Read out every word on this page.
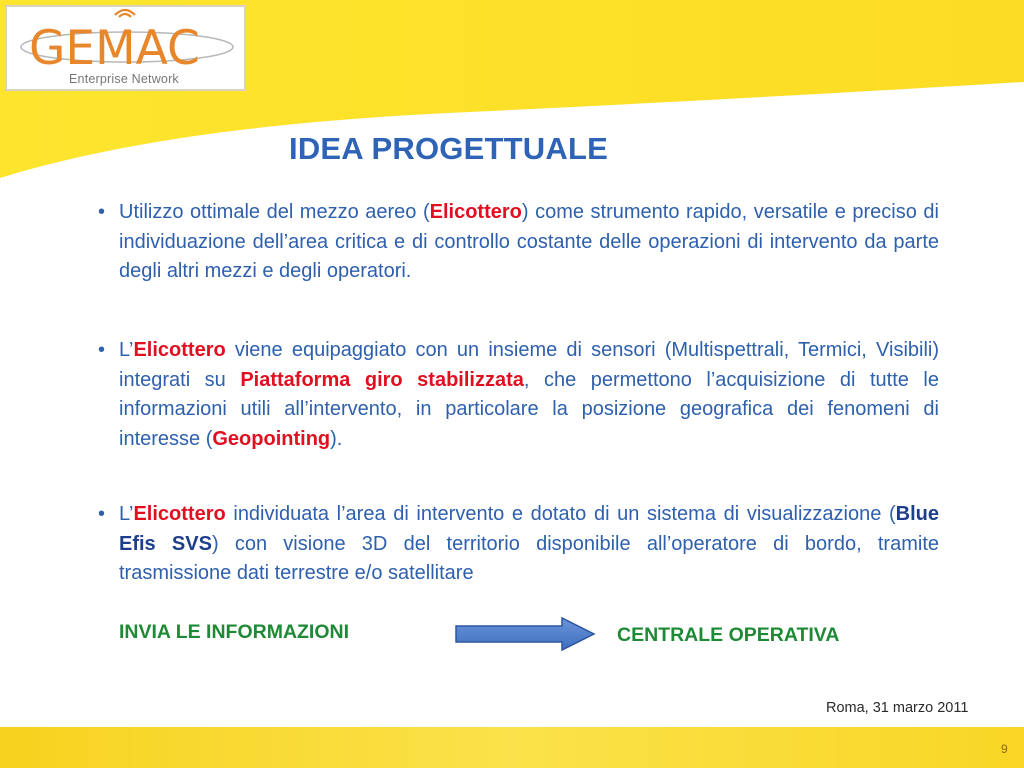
GEMAC
Enterprise Network
IDEA PROGETTUALE
• Utilizzo ottimale del mezzo aereo (Elicottero) come strumento rapido, versatile e preciso di individuazione dell’area critica e di controllo costante delle operazioni di intervento da parte degli altri mezzi e degli operatori.

• L’Elicottero viene equipaggiato con un insieme di sensori (Multispettrali, Termici, Visibili) integrati su Piattaforma giro stabilizzata, che permettono l’acquisizione di tutte le informazioni utili all’intervento, in particolare la posizione geografica dei fenomeni di interesse (Geopointing).

• L’Elicottero individuata l’area di intervento e dotato di un sistema di visualizzazione (Blue Efis SVS) con visione 3D del territorio disponibile all’operatore di bordo, tramite trasmissione dati terrestre e/o satellitare

INVIA LE INFORMAZIONI	CENTRALE OPERATIVA
Roma, 31 marzo 2011
9
